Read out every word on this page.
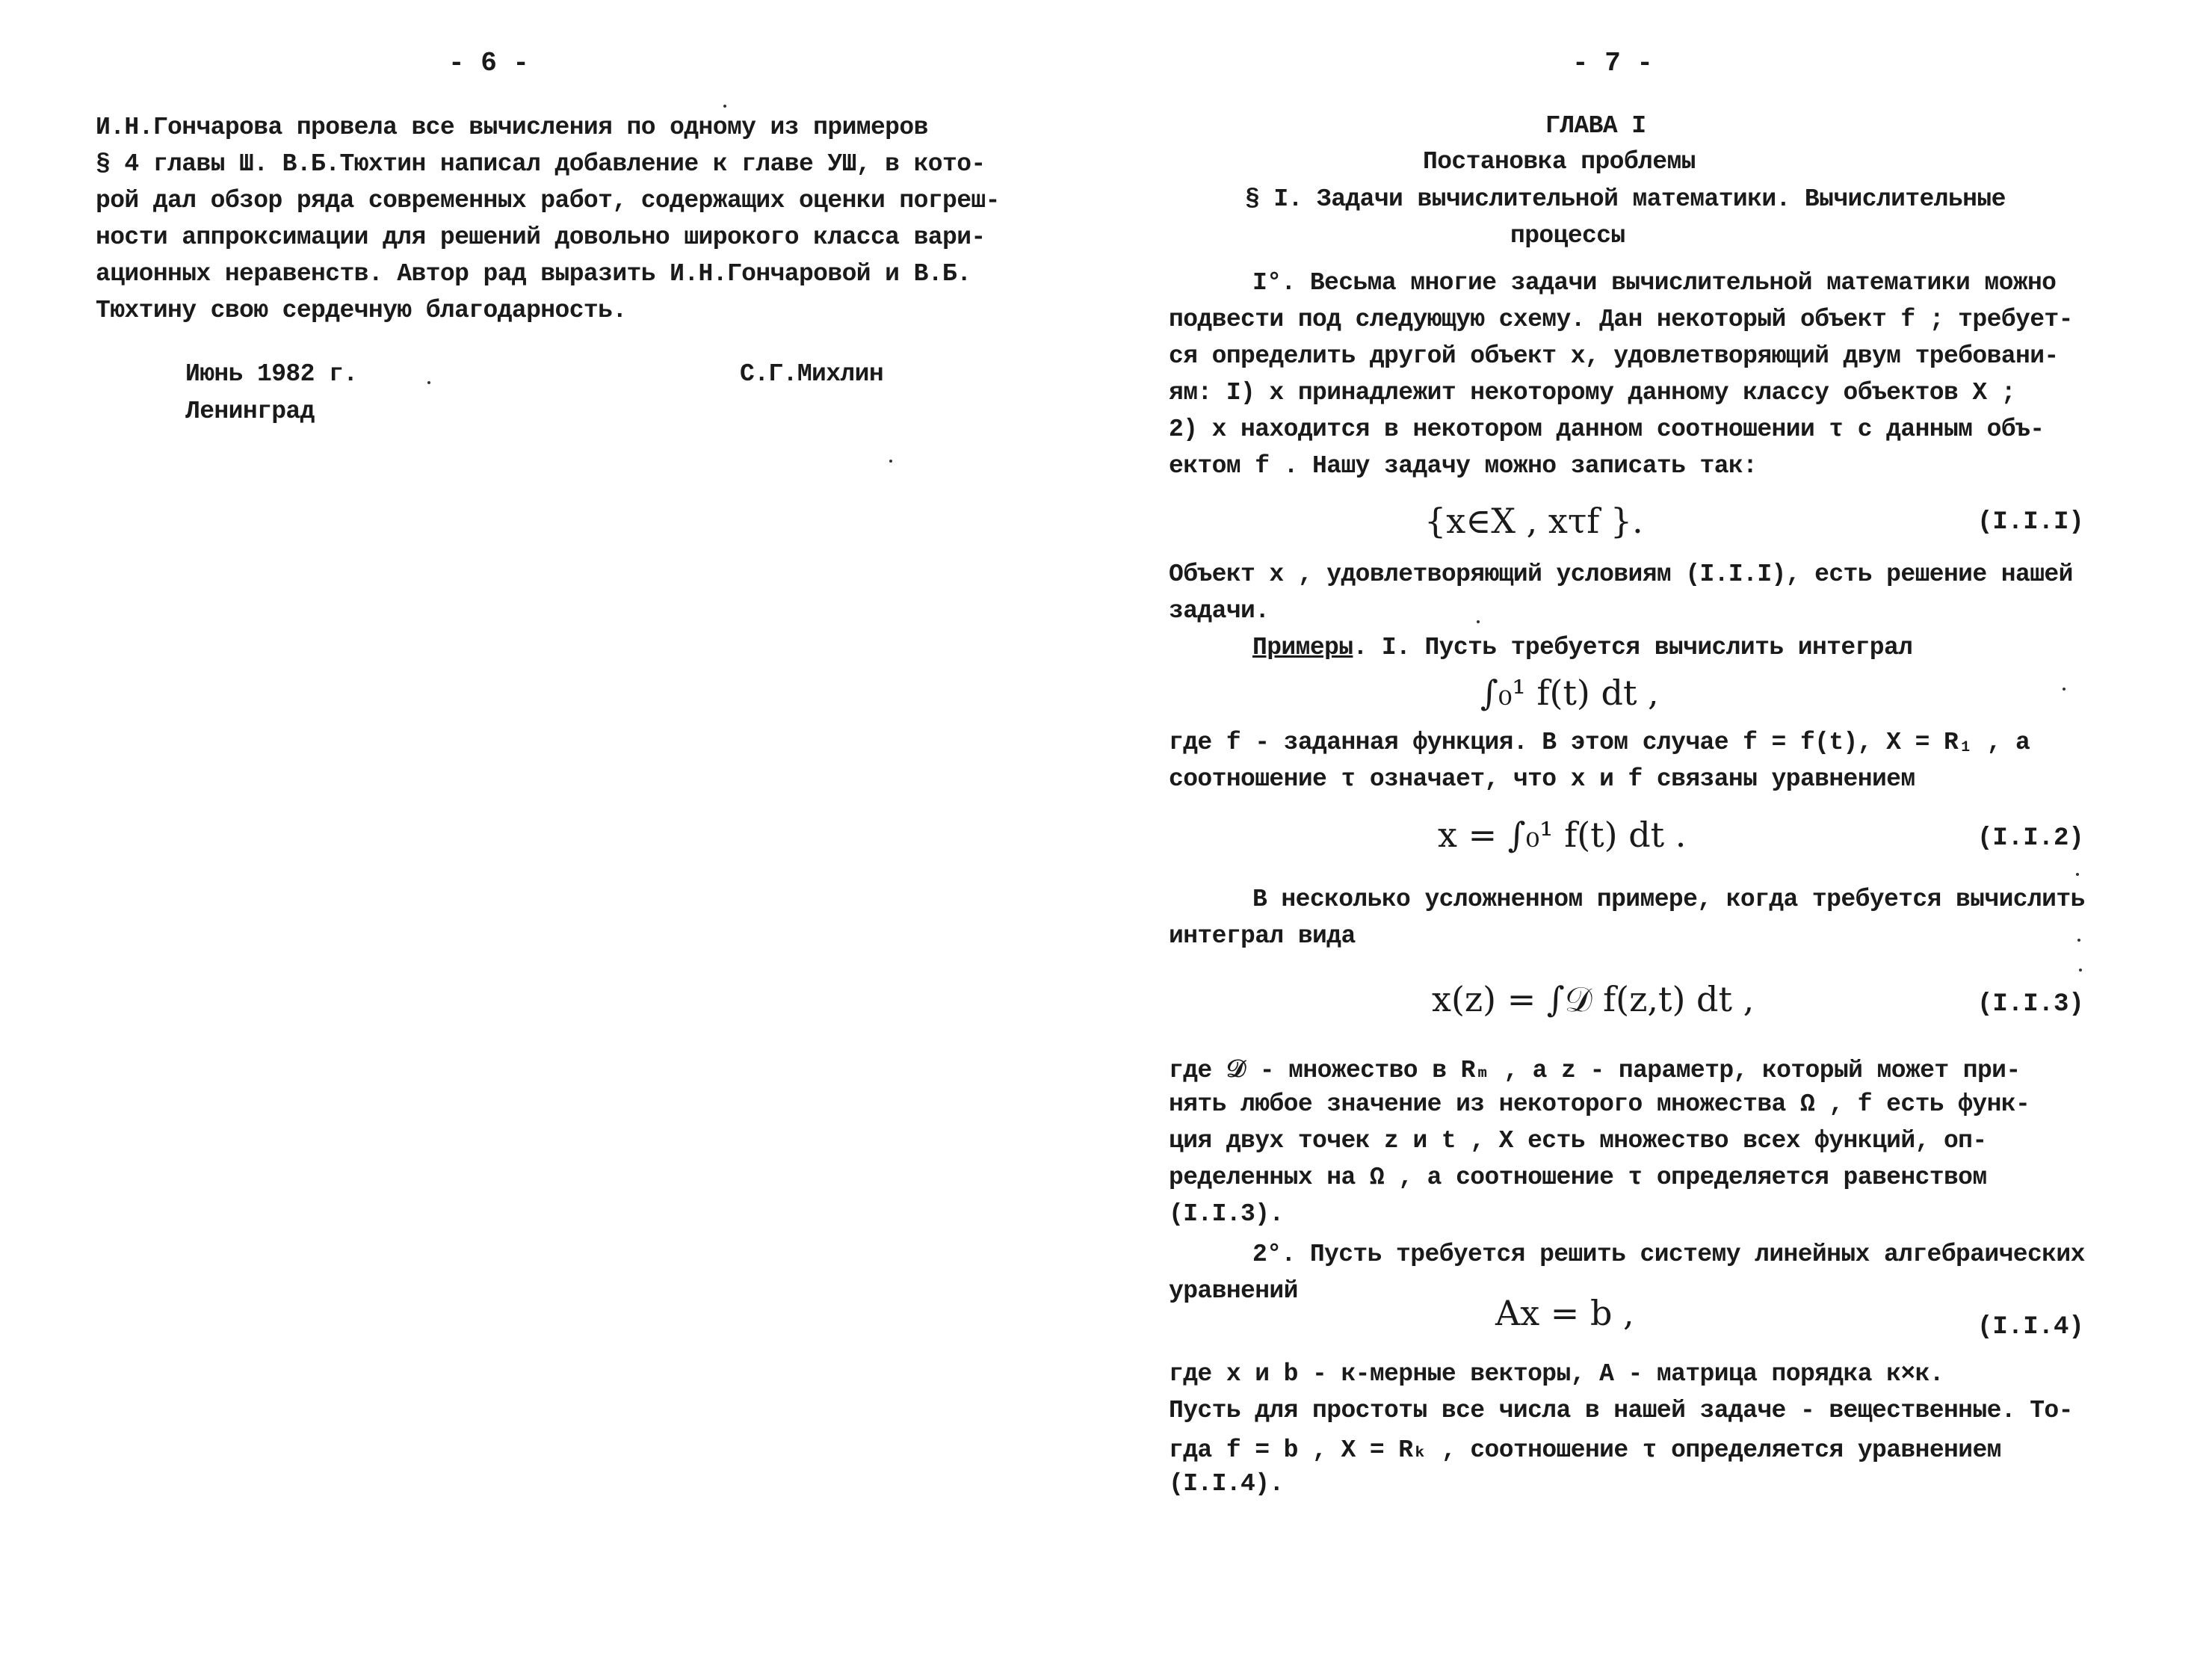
- 6 -
И.Н.Гончарова провела все вычисления по одному из примеров
§ 4 главы Ш. В.Б.Тюхтин написал добавление к главе УШ, в кото-
рой дал обзор ряда современных работ, содержащих оценки погреш-
ности аппроксимации для решений довольно широкого класса вари-
ационных неравенств. Автор рад выразить И.Н.Гончаровой и В.Б.
Тюхтину свою сердечную благодарность.
Июнь 1982 г.
Ленинград
С.Г.Михлин
- 7 -
ГЛАВА I
Постановка проблемы
§ I. Задачи вычислительной математики. Вычислительные
процессы
I°. Весьма многие задачи вычислительной математики можно
подвести под следующую схему. Дан некоторый объект f ; требует-
ся определить другой объект x, удовлетворяющий двум требовани-
ям: I) x принадлежит некоторому данному классу объектов X ;
2) x находится в некотором данном соотношении τ с данным объ-
ектом f . Нашу задачу можно записать так:
{x∈X , xτf }.	(I.I.I)
Объект x , удовлетворяющий условиям (I.I.I), есть решение нашей
задачи.
Примеры. I. Пусть требуется вычислить интеграл
∫₀¹ f(t) dt ,
где f - заданная функция. В этом случае f = f(t), X = R₁ , а
соотношение τ означает, что x и f связаны уравнением
x = ∫₀¹ f(t) dt .	(I.I.2)
В несколько усложненном примере, когда требуется вычислить
интеграл вида
x(z) = ∫𝒟 f(z,t) dt ,	(I.I.3)
где 𝒟 - множество в Rₘ , а z - параметр, который может при-
нять любое значение из некоторого множества Ω , f есть функ-
ция двух точек z и t , X есть множество всех функций, оп-
ределенных на Ω , а соотношение τ определяется равенством
(I.I.3).
2°. Пусть требуется решить систему линейных алгебраических
уравнений
Ax = b ,	(I.I.4)
где x и b - к-мерные векторы, A - матрица порядка к×к.
Пусть для простоты все числа в нашей задаче - вещественные. То-
гда f = b , X = Rₖ , соотношение τ определяется уравнением
(I.I.4).
